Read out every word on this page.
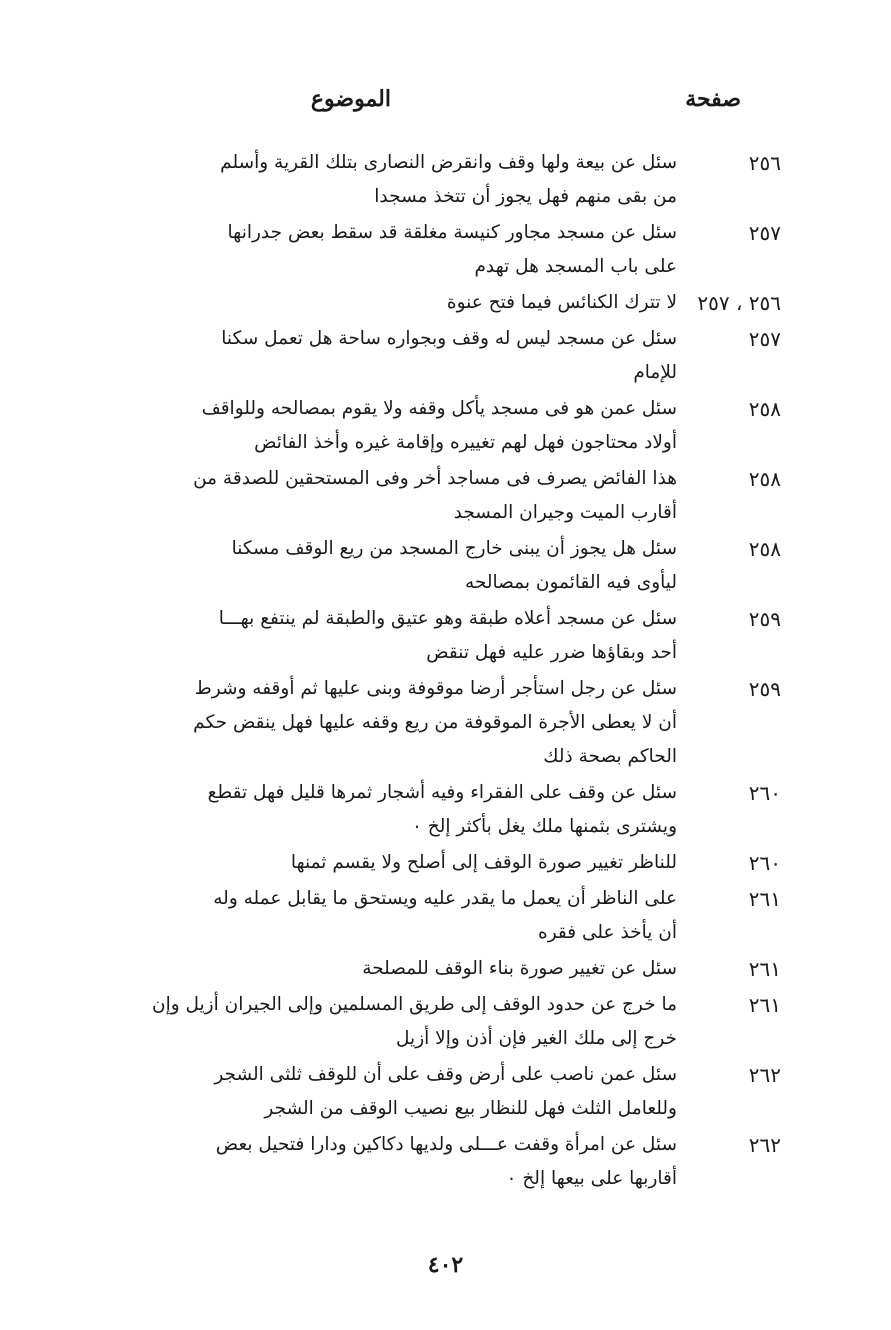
صفحة
الموضوع
٢٥٦
سئل عن بيعة ولها وقف وانقرض النصارى بتلك القرية وأسلم
من بقى منهم فهل يجوز أن تتخذ مسجدا
٢٥٧
سئل عن مسجد مجاور كنيسة مغلقة قد سقط بعض جدرانها
على باب المسجد هل تهدم
٢٥٦ ، ٢٥٧
لا تترك الكنائس فيما فتح عنوة
٢٥٧
سئل عن مسجد ليس له وقف وبجواره ساحة هل تعمل سكنا
للإمام
٢٥٨
سئل عمن هو فى مسجد يأكل وقفه ولا يقوم بمصالحه وللواقف
أولاد محتاجون فهل لهم تغييره وإقامة غيره وأخذ الفائض
٢٥٨
هذا الفائض يصرف فى مساجد أخر وفى المستحقين للصدقة من
أقارب الميت وجيران المسجد
٢٥٨
سئل هل يجوز أن يبنى خارج المسجد من ريع الوقف مسكنا
ليأوى فيه القائمون بمصالحه
٢٥٩
سئل عن مسجد أعلاه طبقة وهو عتيق والطبقة لم ينتفع بهـــا
أحد وبقاؤها ضرر عليه فهل تنقض
٢٥٩
سئل عن رجل استأجر أرضا موقوفة وبنى عليها ثم أوقفه وشرط
أن لا يعطى الأجرة الموقوفة من ريع وقفه عليها فهل ينقض حكم
الحاكم بصحة ذلك
٢٦٠
سئل عن وقف على الفقراء وفيه أشجار ثمرها قليل فهل تقطع
ويشترى بثمنها ملك يغل بأكثر إلخ ٠
٢٦٠
للناظر تغيير صورة الوقف إلى أصلح ولا يقسم ثمنها
٢٦١
على الناظر أن يعمل ما يقدر عليه ويستحق ما يقابل عمله وله
أن يأخذ على فقره
٢٦١
سئل عن تغيير صورة بناء الوقف للمصلحة
٢٦١
ما خرج عن حدود الوقف إلى طريق المسلمين وإلى الجيران أزيل وإن
خرج إلى ملك الغير فإن أذن وإلا أزيل
٢٦٢
سئل عمن ناصب على أرض وقف على أن للوقف ثلثى الشجر
وللعامل الثلث فهل للنظار بيع نصيب الوقف من الشجر
٢٦٢
سئل عن امرأة وقفت عـــلى ولديها دكاكين ودارا فتحيل بعض
أقاربها على بيعها إلخ ٠
٤٠٢
